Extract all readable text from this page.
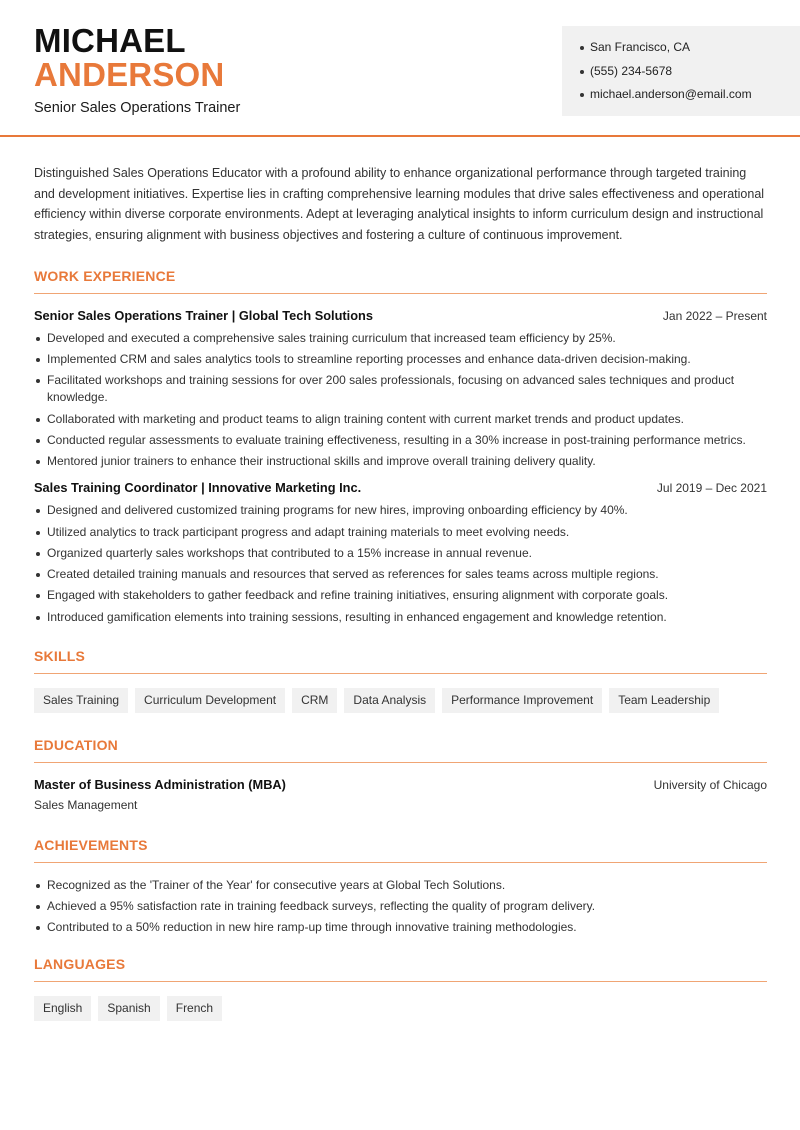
MICHAEL
ANDERSON
Senior Sales Operations Trainer
San Francisco, CA
(555) 234-5678
michael.anderson@email.com

Distinguished Sales Operations Educator with a profound ability to enhance organizational performance through targeted training and development initiatives. Expertise lies in crafting comprehensive learning modules that drive sales effectiveness and operational efficiency within diverse corporate environments. Adept at leveraging analytical insights to inform curriculum design and instructional strategies, ensuring alignment with business objectives and fostering a culture of continuous improvement.

WORK EXPERIENCE
Senior Sales Operations Trainer | Global Tech Solutions	Jan 2022 – Present
Developed and executed a comprehensive sales training curriculum that increased team efficiency by 25%.
Implemented CRM and sales analytics tools to streamline reporting processes and enhance data-driven decision-making.
Facilitated workshops and training sessions for over 200 sales professionals, focusing on advanced sales techniques and product knowledge.
Collaborated with marketing and product teams to align training content with current market trends and product updates.
Conducted regular assessments to evaluate training effectiveness, resulting in a 30% increase in post-training performance metrics.
Mentored junior trainers to enhance their instructional skills and improve overall training delivery quality.
Sales Training Coordinator | Innovative Marketing Inc.	Jul 2019 – Dec 2021
Designed and delivered customized training programs for new hires, improving onboarding efficiency by 40%.
Utilized analytics to track participant progress and adapt training materials to meet evolving needs.
Organized quarterly sales workshops that contributed to a 15% increase in annual revenue.
Created detailed training manuals and resources that served as references for sales teams across multiple regions.
Engaged with stakeholders to gather feedback and refine training initiatives, ensuring alignment with corporate goals.
Introduced gamification elements into training sessions, resulting in enhanced engagement and knowledge retention.
SKILLS
Sales Training	Curriculum Development	CRM	Data Analysis	Performance Improvement	Team Leadership
EDUCATION
Master of Business Administration (MBA)	University of Chicago
Sales Management
ACHIEVEMENTS
Recognized as the 'Trainer of the Year' for consecutive years at Global Tech Solutions.
Achieved a 95% satisfaction rate in training feedback surveys, reflecting the quality of program delivery.
Contributed to a 50% reduction in new hire ramp-up time through innovative training methodologies.
LANGUAGES
English	Spanish	French
